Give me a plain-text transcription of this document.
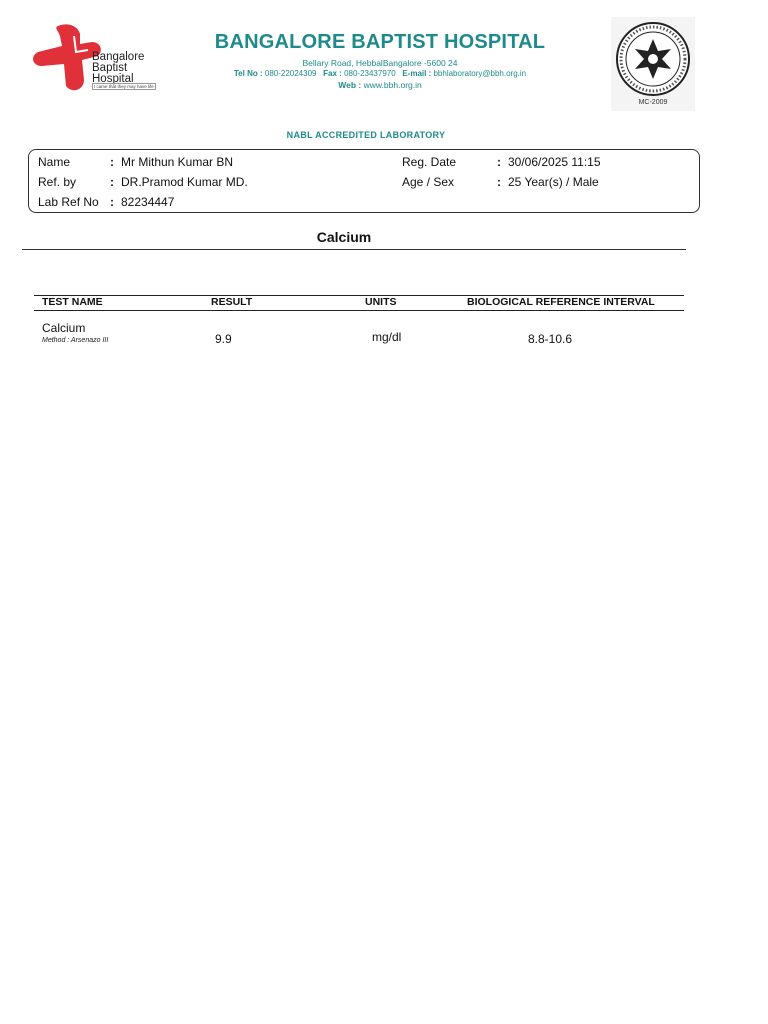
Bangalore
Baptist
Hospital
I came that they may have life
BANGALORE BAPTIST HOSPITAL
Bellary Road, HebbalBangalore -5600 24
Tel No : 080-22024309 Fax : 080-23437970 E-mail : bbhlaboratory@bbh.org.in
Web : www.bbh.org.in
MC-2009
NABL ACCREDITED LABORATORY
Name	: Mr Mithun Kumar BN
Ref. by	: DR.Pramod Kumar MD.
Lab Ref No : 82234447
Reg. Date	: 30/06/2025 11:15
Age / Sex	: 25 Year(s) / Male
Calcium
TEST NAME	RESULT	UNITS	BIOLOGICAL REFERENCE INTERVAL
Calcium
Method : Arsenazo III	9.9	mg/dl	8.8-10.6
